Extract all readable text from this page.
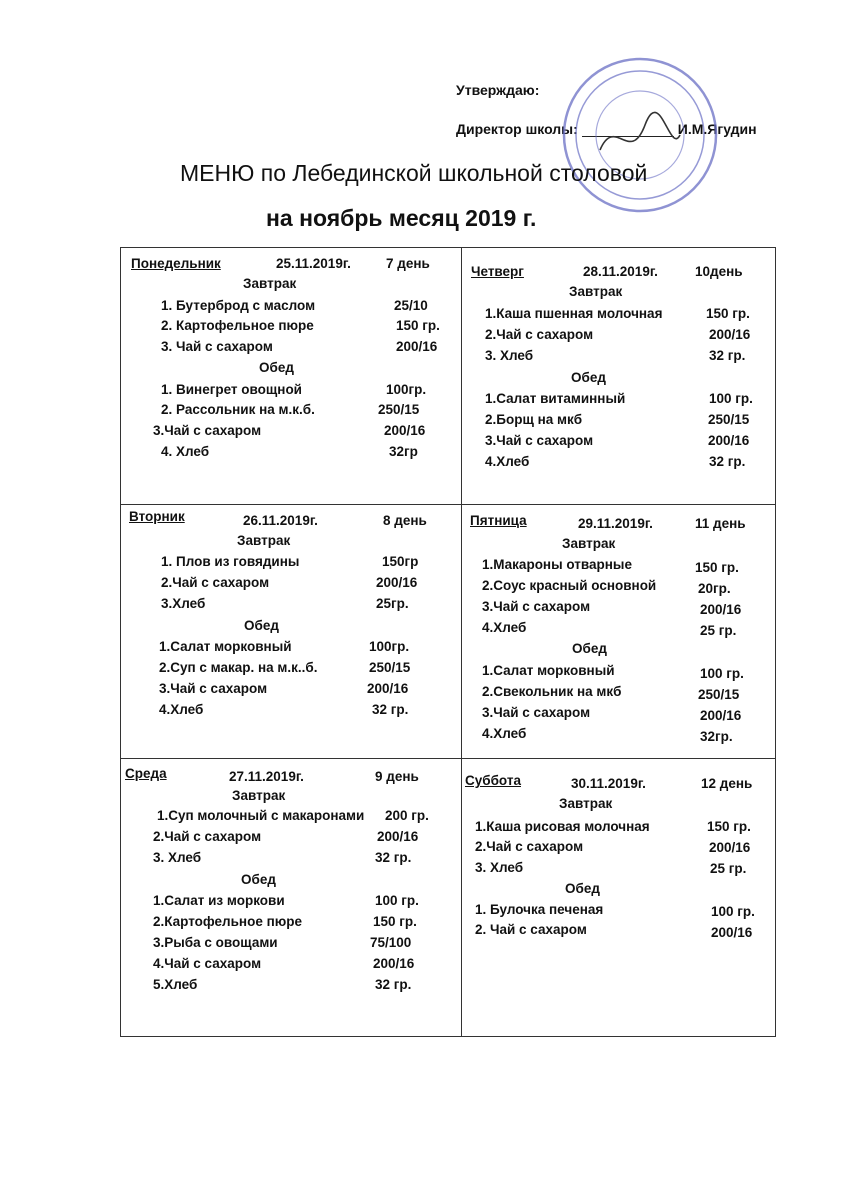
Утверждаю:
Директор школы:	И.М.Ягудин
МЕНЮ по Лебединской школьной столовой
на ноябрь месяц 2019 г.
Понедельник	25.11.2019г.	7 день
Завтрак
1. Бутерброд с маслом	25/10
2. Картофельное пюре	150 гр.
3. Чай с сахаром	200/16
Обед
1. Винегрет овощной	100гр.
2. Рассольник на м.к.б.	250/15
3.Чай с сахаром	200/16
4. Хлеб	32гр
Четверг	28.11.2019г.	10день
Завтрак
1.Каша пшенная молочная	150 гр.
2.Чай с сахаром	200/16
3. Хлеб	32 гр.
Обед
1.Салат витаминный	100 гр.
2.Борщ на мкб	250/15
3.Чай с сахаром	200/16
4.Хлеб	32 гр.
Вторник	26.11.2019г.	8 день
Завтрак
1. Плов из говядины	150гр
2.Чай с сахаром	200/16
3.Хлеб	25гр.
Обед
1.Салат морковный	100гр.
2.Суп с макар. на м.к..б.	250/15
3.Чай с сахаром	200/16
4.Хлеб	32 гр.
Пятница	29.11.2019г.	11 день
Завтрак
1.Макароны отварные	150 гр.
2.Соус красный основной	20гр.
3.Чай с сахаром	200/16
4.Хлеб	25 гр.
Обед
1.Салат морковный	100 гр.
2.Свекольник на мкб	250/15
3.Чай с сахаром	200/16
4.Хлеб	32гр.
Среда	27.11.2019г.	9 день
Завтрак
1.Суп молочный с макаронами 200 гр.
2.Чай с сахаром	200/16
3. Хлеб	32 гр.
Обед
1.Салат из моркови	100 гр.
2.Картофельное пюре	150 гр.
3.Рыба с овощами	75/100
4.Чай с сахаром	200/16
5.Хлеб	32 гр.
Суббота	30.11.2019г.	12 день
Завтрак
1.Каша рисовая молочная	150 гр.
2.Чай с сахаром	200/16
3. Хлеб	25 гр.
Обед
1. Булочка печеная	100 гр.
2. Чай с сахаром	200/16
